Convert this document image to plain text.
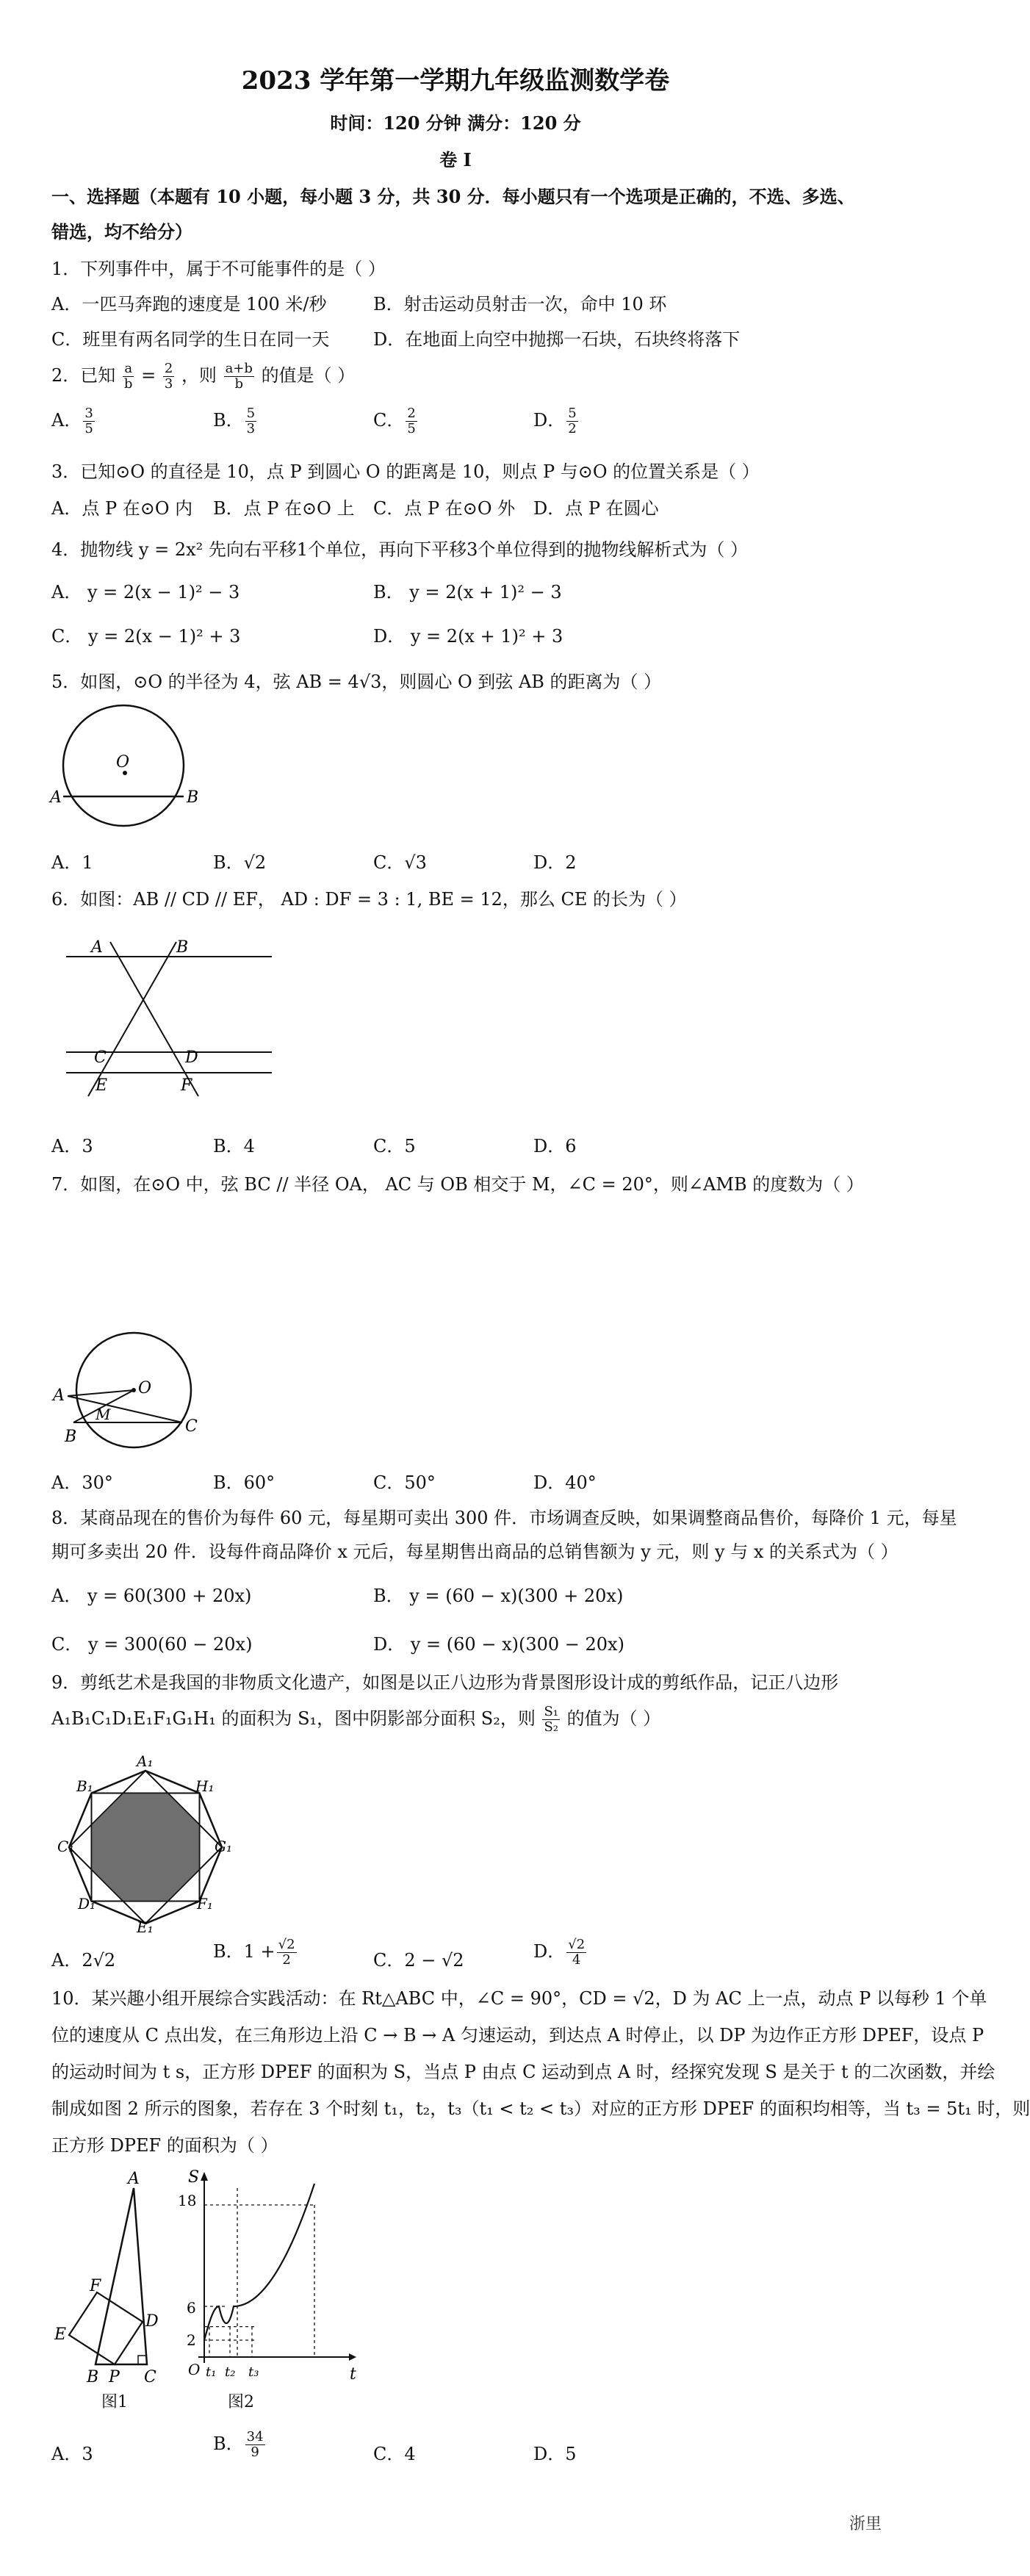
2023 学年第一学期九年级监测数学卷
时间：120 分钟 满分：120 分
卷 I
一、选择题（本题有 10 小题，每小题 3 分，共 30 分．每小题只有一个选项是正确的，不选、多选、
错选，均不给分）
1．下列事件中，属于不可能事件的是（ ）
A．一匹马奔跑的速度是 100 米/秒	B．射击运动员射击一次，命中 10 环
C．班里有两名同学的生日在同一天 D．在地面上向空中抛掷一石块，石块终将落下
2．已知 $\frac{a}{b} = \frac{2}{3}$ ，则 $\frac{a+b}{b}$ 的值是（ ）
A． $\frac{3}{5}$	B． $\frac{5}{3}$	C． $\frac{2}{5}$	D． $\frac{5}{2}$
3．已知⊙O 的直径是 10，点 P 到圆心 O 的距离是 10，则点 P 与⊙O 的位置关系是（ ）
A．点 P 在⊙O 内 B．点 P 在⊙O 上 C．点 P 在⊙O 外 D．点 P 在圆心
4．抛物线 y = 2x² 先向右平移1个单位，再向下平移3个单位得到的抛物线解析式为（ ）
A． y = 2(x − 1)² − 3	B． y = 2(x + 1)² − 3
C． y = 2(x − 1)² + 3	D． y = 2(x + 1)² + 3
5．如图，⊙O 的半径为 4，弦 AB = 4√3，则圆心 O 到弦 AB 的距离为（ ）
O
A	B
A．1	B．√2	C．√3	D．2
6．如图：AB // CD // EF， AD : DF = 3 : 1, BE = 12，那么 CE 的长为（ ）
A	B
C	D
E	F
A．3	B．4	C．5	D．6
7．如图，在⊙O 中，弦 BC // 半径 OA， AC 与 OB 相交于 M，∠C = 20°，则∠AMB 的度数为（ ）
O
A
B
C
M
A．30°	B．60°	C．50°	D．40°
8．某商品现在的售价为每件 60 元，每星期可卖出 300 件．市场调查反映，如果调整商品售价，每降价 1 元，每星
期可多卖出 20 件．设每件商品降价 x 元后，每星期售出商品的总销售额为 y 元，则 y 与 x 的关系式为（ ）
A． y = 60(300 + 20x)	B． y = (60 − x)(300 + 20x)
C． y = 300(60 − 20x)	D． y = (60 − x)(300 − 20x)
9．剪纸艺术是我国的非物质文化遗产，如图是以正八边形为背景图形设计成的剪纸作品，记正八边形
A₁B₁C₁D₁E₁F₁G₁H₁ 的面积为 S₁，图中阴影部分面积 S₂，则 $\frac{\text{S₁}}{\text{S₂}}$ 的值为（ ）
A₁
B₁
C₁
D₁
E₁
F₁
G₁
H₁
A．2√2	B．$1 + \frac{√2}{2}$	C．2 − √2	D． $\frac{√2}{4}$
10．某兴趣小组开展综合实践活动：在 Rt△ABC 中，∠C = 90°，CD = √2，D 为 AC 上一点，动点 P 以每秒 1 个单
位的速度从 C 点出发，在三角形边上沿 C → B → A 匀速运动，到达点 A 时停止，以 DP 为边作正方形 DPEF，设点 P
的运动时间为 t s，正方形 DPEF 的面积为 S，当点 P 由点 C 运动到点 A 时，经探究发现 S 是关于 t 的二次函数，并绘
制成如图 2 所示的图象，若存在 3 个时刻 t₁，t₂，t₃（t₁ < t₂ < t₃）对应的正方形 DPEF 的面积均相等，当 t₃ = 5t₁ 时，则
正方形 DPEF 的面积为（ ）
A
F
E
D
B P C
图1
S
t
O
18
6
2
t₁ t₂ t₃
图2
A．3	B． $\frac{34}{9}$	C．4	D．5
浙里
